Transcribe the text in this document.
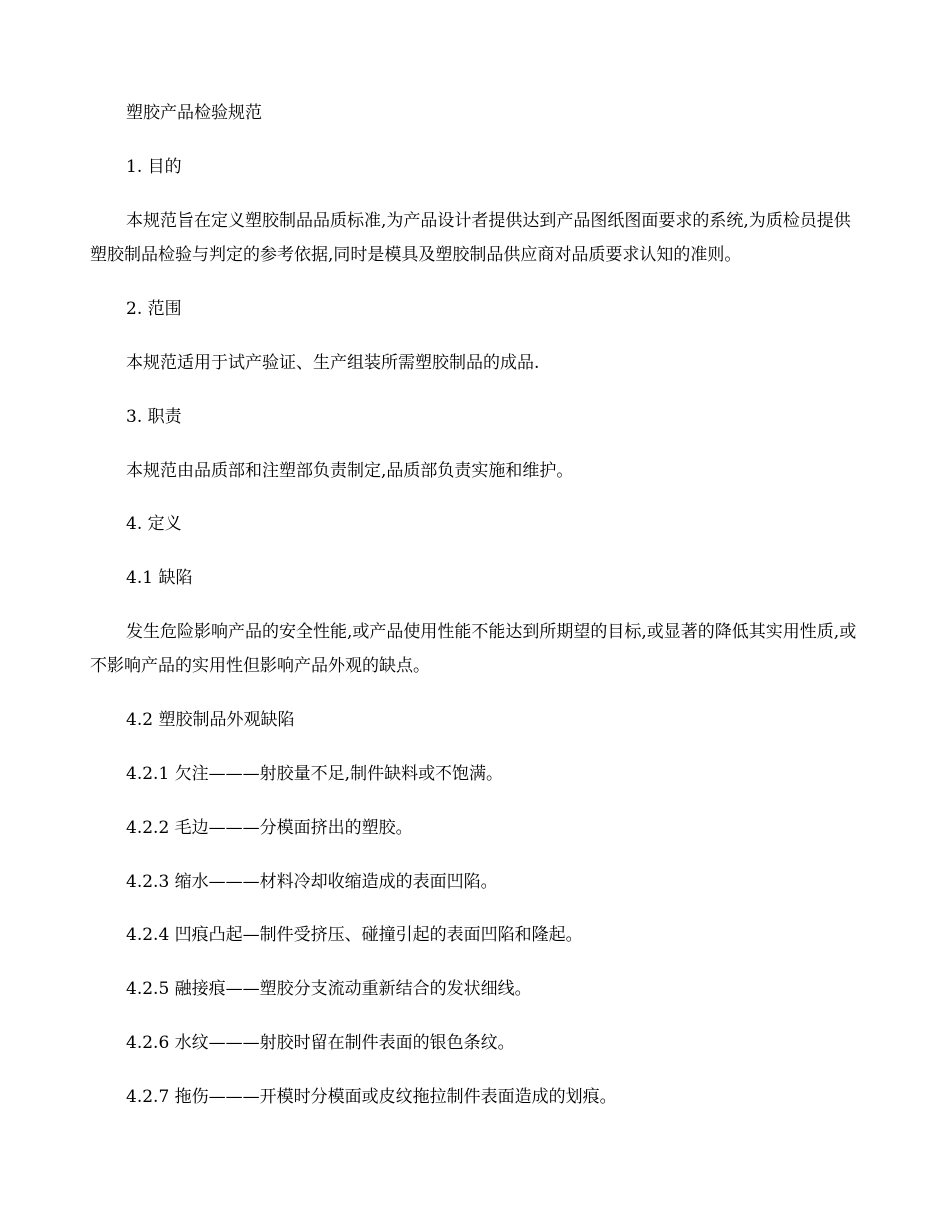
塑胶产品检验规范

1. 目的

本规范旨在定义塑胶制品品质标准,为产品设计者提供达到产品图纸图面要求的系统,为质检员提供塑胶制品检验与判定的参考依据,同时是模具及塑胶制品供应商对品质要求认知的准则。

2. 范围

本规范适用于试产验证、生产组装所需塑胶制品的成品.

3. 职责

本规范由品质部和注塑部负责制定,品质部负责实施和维护。

4. 定义

4.1 缺陷

发生危险影响产品的安全性能,或产品使用性能不能达到所期望的目标,或显著的降低其实用性质,或不影响产品的实用性但影响产品外观的缺点。

4.2 塑胶制品外观缺陷

4.2.1 欠注———射胶量不足,制件缺料或不饱满。

4.2.2 毛边———分模面挤出的塑胶。

4.2.3 缩水———材料冷却收缩造成的表面凹陷。

4.2.4 凹痕凸起—制件受挤压、碰撞引起的表面凹陷和隆起。

4.2.5 融接痕——塑胶分支流动重新结合的发状细线。

4.2.6 水纹———射胶时留在制件表面的银色条纹。

4.2.7 拖伤———开模时分模面或皮纹拖拉制件表面造成的划痕。
